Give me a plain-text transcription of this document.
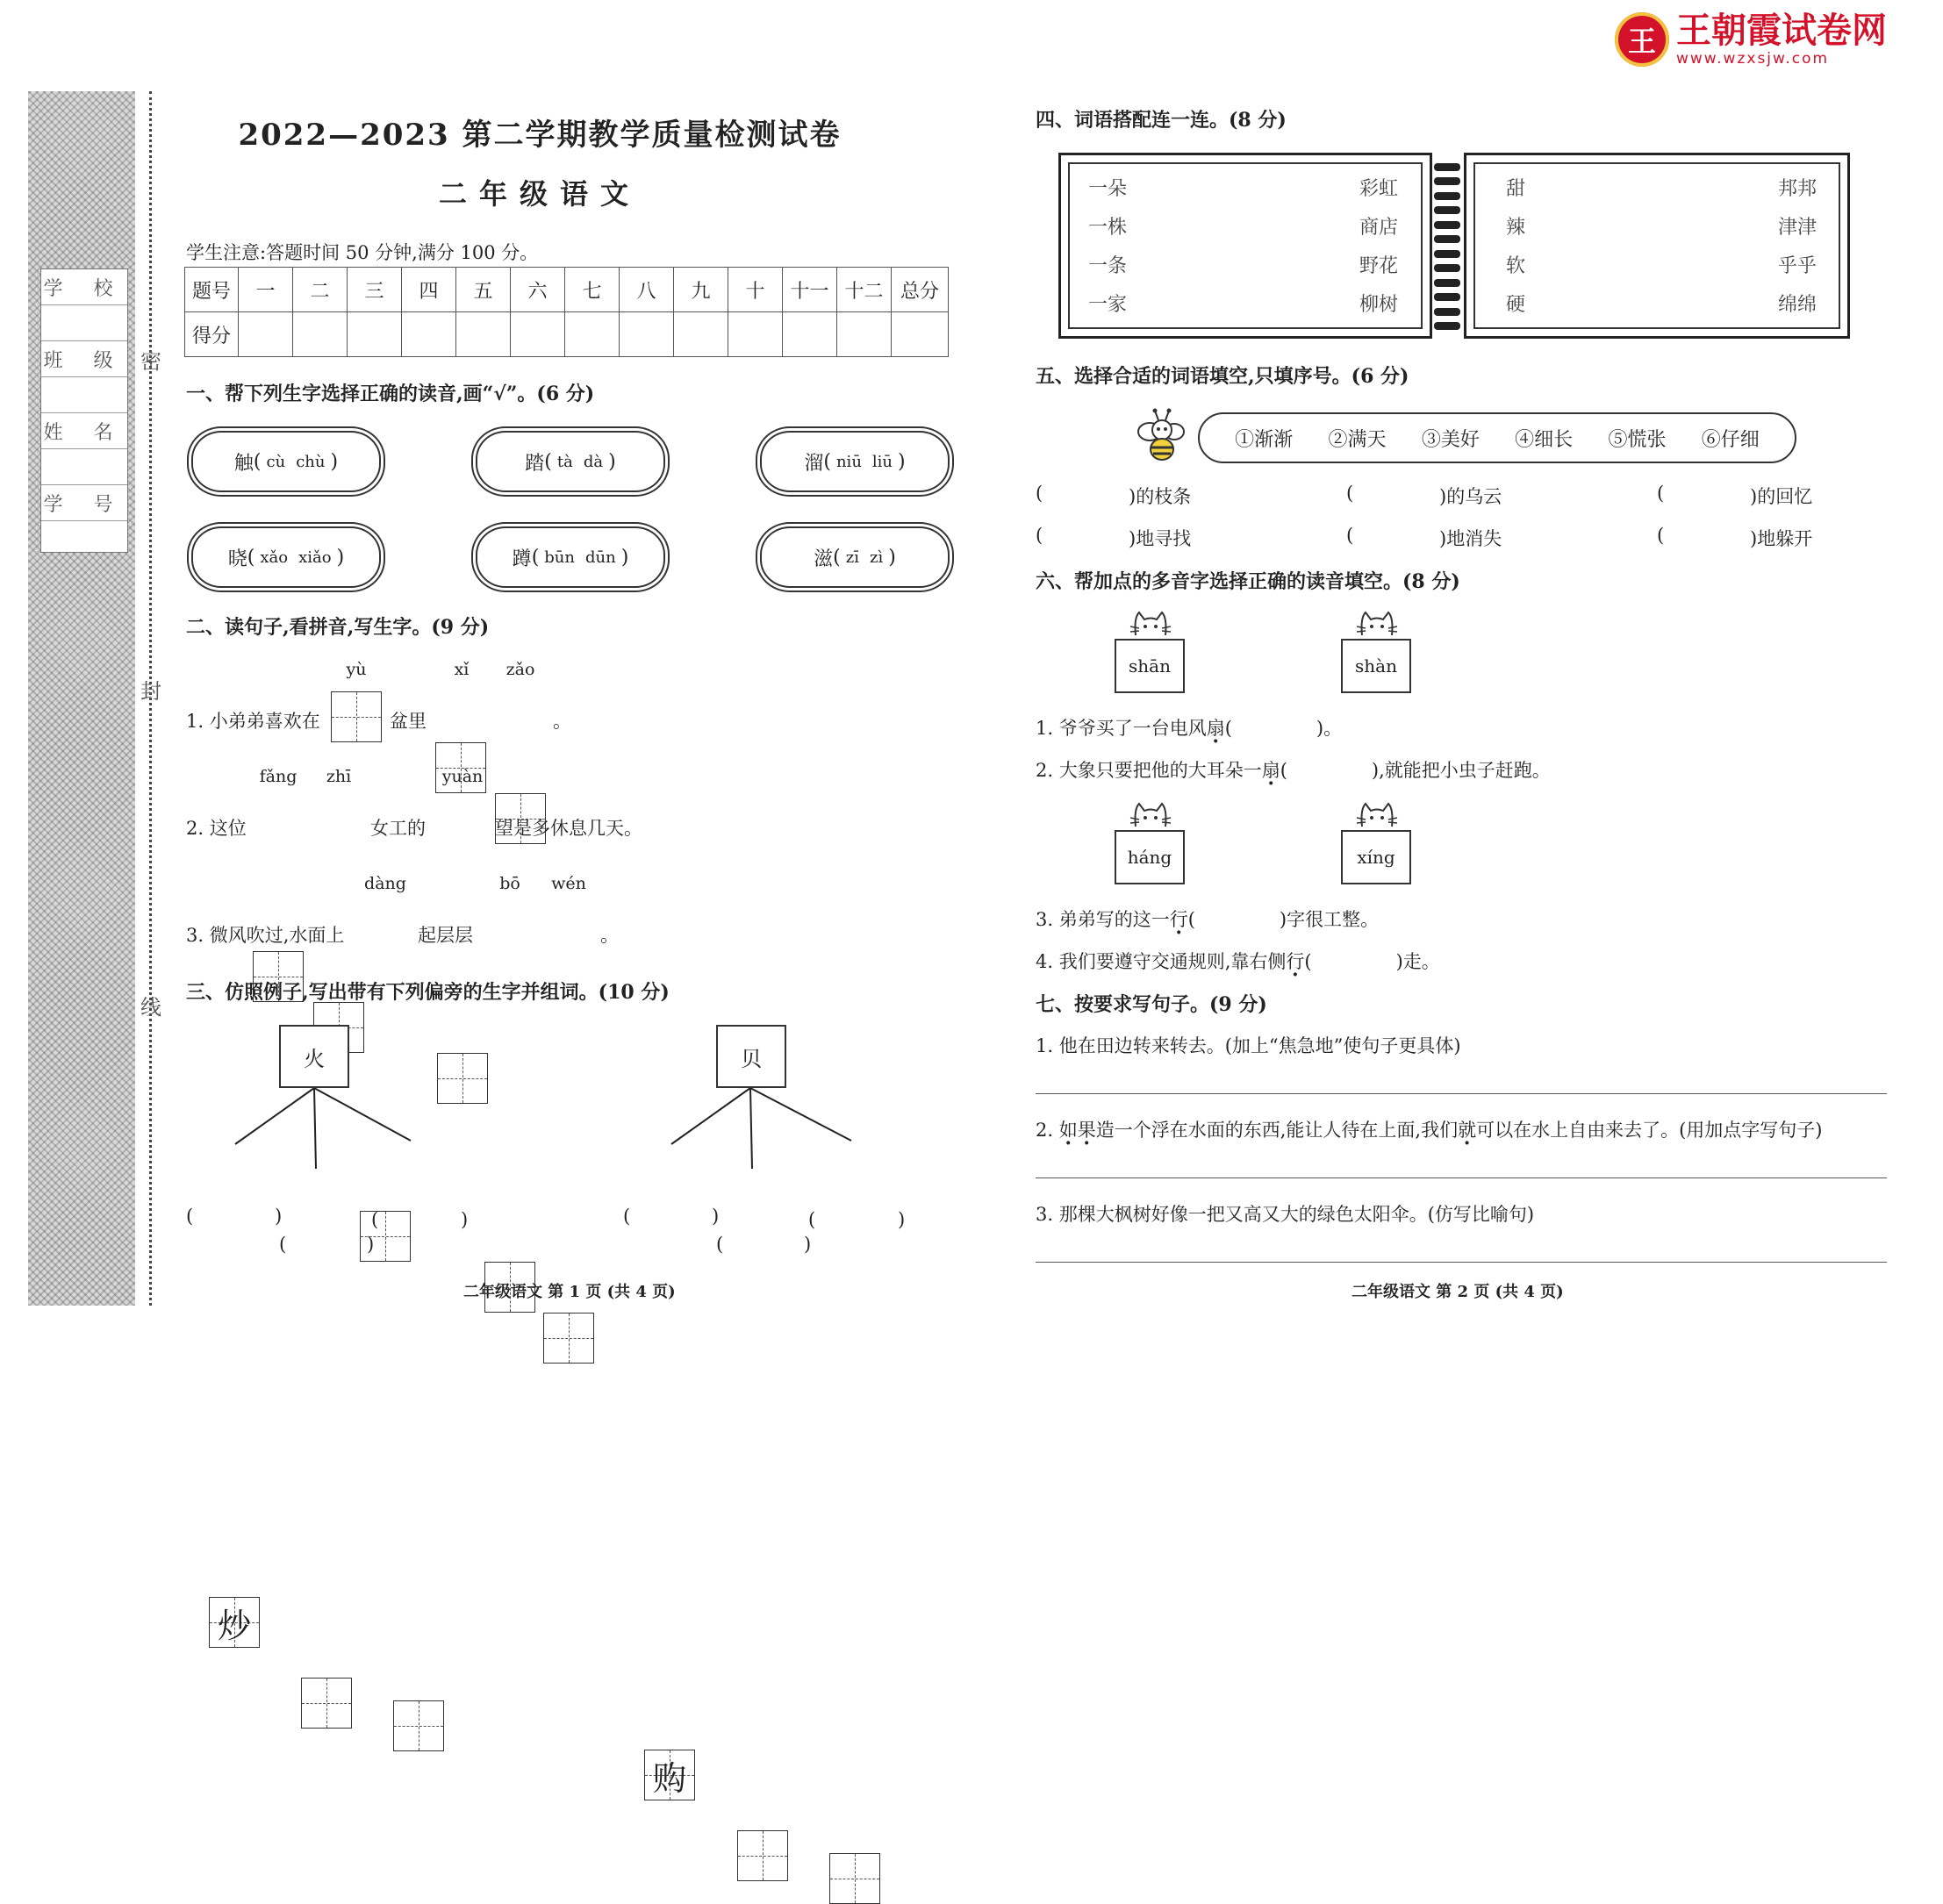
王 王朝霞试卷网
www.wzxsjw.com
学 校
班 级
姓 名
学 号
密
封
线
2022—2023 第二学期教学质量检测试卷
二年级语文
学生注意:答题时间 50 分钟,满分 100 分。
题号	一	二	三	四	五	六	七	八	九	十	十一	十二	总分
得分													
一、帮下列生字选择正确的读音,画“√”。(6 分)
触 ( cù chù )	踏 ( tà dà )	溜 ( niū liū )
晓 ( xǎo xiǎo )	蹲 ( būn dūn )	滋 ( zī zì )
二、读句子,看拼音,写生字。(9 分)
yù	xǐ	zǎo
1. 小弟弟喜欢在	盆里	。
fǎng	zhī	yuàn
2. 这位	女工的	望是多休息几天。
dàng	bō	wén
3. 微风吹过,水面上	起层层	。
三、仿照例子,写出带有下列偏旁的生字并组词。(10 分)
火	贝
炒
购
(	)
(	)
(	)	(	)
(	)
(	)
二年级语文 第 1 页 (共 4 页)
四、词语搭配连一连。(8 分)
一朵
一株
一条
一家
彩虹
商店
野花
柳树
甜
辣
软
硬
邦邦
津津
乎乎
绵绵
五、选择合适的词语填空,只填序号。(6 分)
①渐渐 ②满天 ③美好 ④细长 ⑤慌张 ⑥仔细
(	)的枝条	(	)的乌云	(	)的回忆
(	)地寻找	(	)地消失	(	)地躲开
六、帮加点的多音字选择正确的读音填空。(8 分)
shān	shàn
1. 爷爷买了一台电风扇(	)。
2. 大象只要把他的大耳朵一扇(	),就能把小虫子赶跑。
háng	xíng
3. 弟弟写的这一行(	)字很工整。
4. 我们要遵守交通规则,靠右侧行(	)走。
七、按要求写句子。(9 分)
1. 他在田边转来转去。(加上“焦急地”使句子更具体)
2. 如果造一个浮在水面的东西,能让人待在上面,我们就可以在水上自由来去了。(用加点字写句子)
3. 那棵大枫树好像一把又高又大的绿色太阳伞。(仿写比喻句)
二年级语文 第 2 页 (共 4 页)
